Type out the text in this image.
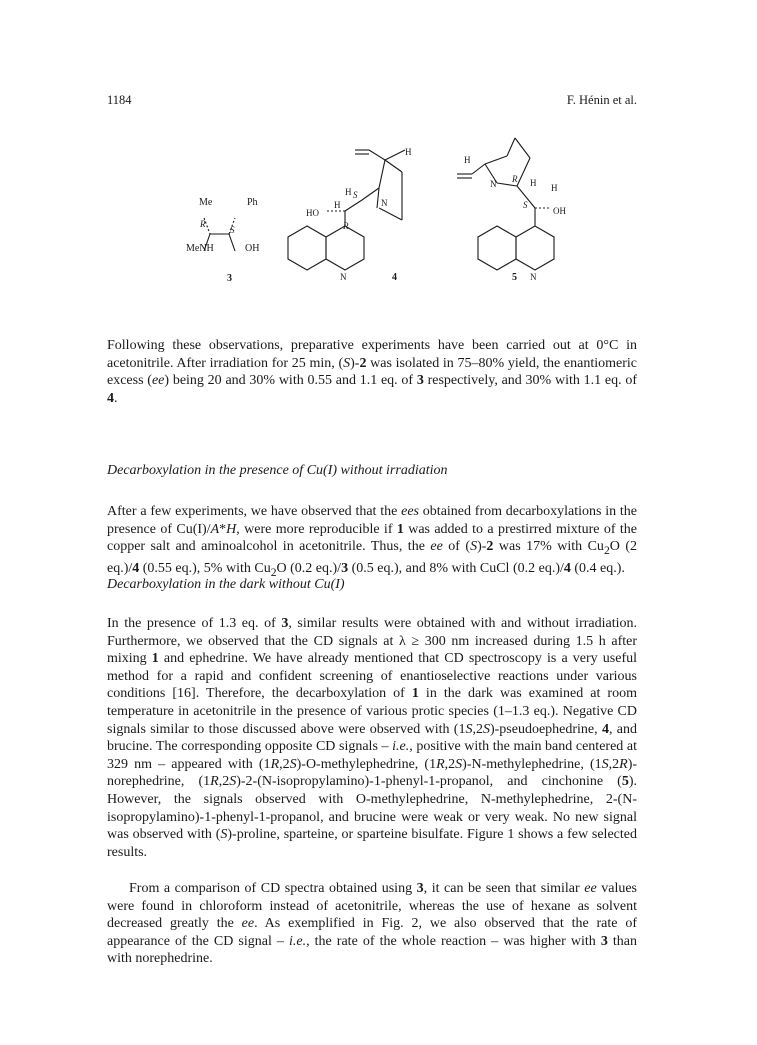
1184	F. Hénin et al.
Me	Ph
R
S
MeNH	OH
3
H
H S
N
HO
R
H
N	4
H
N R H H
S
OH
N
5

Following these observations, preparative experiments have been carried out at 0°C in acetonitrile. After irradiation for 25 min, (S)-2 was isolated in 75–80% yield, the enantiomeric excess (ee) being 20 and 30% with 0.55 and 1.1 eq. of 3 respectively, and 30% with 1.1 eq. of 4.

Decarboxylation in the presence of Cu(I) without irradiation

After a few experiments, we have observed that the ees obtained from decarboxylations in the presence of Cu(I)/A*H, were more reproducible if 1 was added to a prestirred mixture of the copper salt and aminoalcohol in acetonitrile. Thus, the ee of (S)-2 was 17% with $Cu_2O$ (2 eq.)/4 (0.55 eq.), 5% with $Cu_2O$ (0.2 eq.)/3 (0.5 eq.), and 8% with CuCl (0.2 eq.)/4 (0.4 eq.).

Decarboxylation in the dark without Cu(I)

In the presence of 1.3 eq. of 3, similar results were obtained with and without irradiation. Furthermore, we observed that the CD signals at λ ≥ 300 nm increased during 1.5 h after mixing 1 and ephedrine. We have already mentioned that CD spectroscopy is a very useful method for a rapid and confident screening of enantioselective reactions under various conditions [16]. Therefore, the decarboxylation of 1 in the dark was examined at room temperature in acetonitrile in the presence of various protic species (1–1.3 eq.). Negative CD signals similar to those discussed above were observed with (1S,2S)-pseudoephedrine, 4, and brucine. The corresponding opposite CD signals – i.e., positive with the main band centered at 329 nm – appeared with (1R,2S)-O-methylephedrine, (1R,2S)-N-methylephedrine, (1S,2R)-norephedrine, (1R,2S)-2-(N-isopropylamino)-1-phenyl-1-propanol, and cinchonine (5). However, the signals observed with O-methylephedrine, N-methylephedrine, 2-(N-isopropylamino)-1-phenyl-1-propanol, and brucine were weak or very weak. No new signal was observed with (S)-proline, sparteine, or sparteine bisulfate. Figure 1 shows a few selected results.

From a comparison of CD spectra obtained using 3, it can be seen that similar ee values were found in chloroform instead of acetonitrile, whereas the use of hexane as solvent decreased greatly the ee. As exemplified in Fig. 2, we also observed that the rate of appearance of the CD signal – i.e., the rate of the whole reaction – was higher with 3 than with norephedrine.
